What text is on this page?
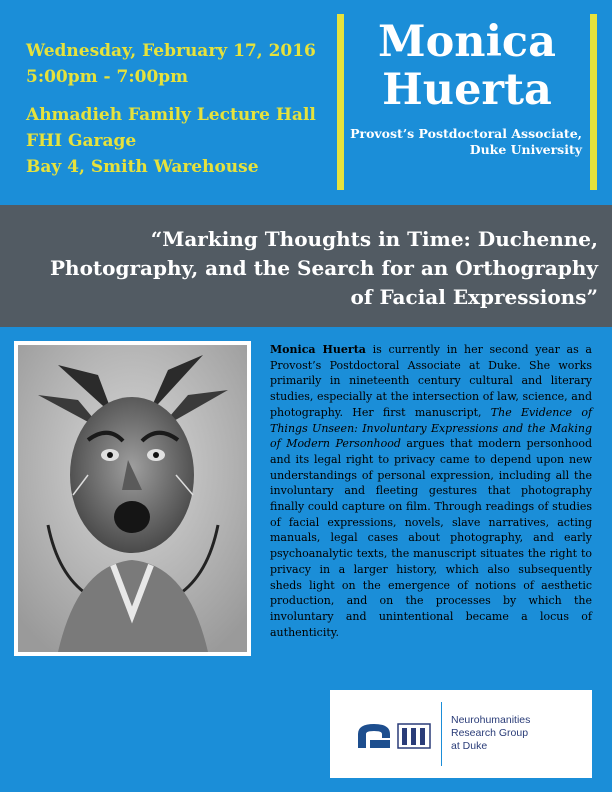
Wednesday, February 17, 2016
5:00pm - 7:00pm
Ahmadieh Family Lecture Hall
FHI Garage
Bay 4, Smith Warehouse
Monica
Huerta
Provost’s Postdoctoral Associate,
Duke University
“Marking Thoughts in Time: Duchenne,
Photography, and the Search for an Orthography
of Facial Expressions”
Monica Huerta is currently in her second year as a Provost’s Postdoctoral Associate at Duke. She works primarily in nineteenth century cultural and literary studies, especially at the intersection of law, science, and photography. Her first manuscript, The Evidence of Things Unseen: Involuntary Expressions and the Making of Modern Personhood argues that modern personhood and its legal right to privacy came to depend upon new understandings of personal expression, including all the involuntary and fleeting gestures that photography finally could capture on film. Through readings of studies of facial expressions, novels, slave narratives, acting manuals, legal cases about photography, and early psychoanalytic texts, the manuscript situates the right to privacy in a larger history, which also subsequently sheds light on the emergence of notions of aesthetic production, and on the processes by which the involuntary and unintentional became a locus of authenticity.
Neurohumanities
Research Group
at Duke
